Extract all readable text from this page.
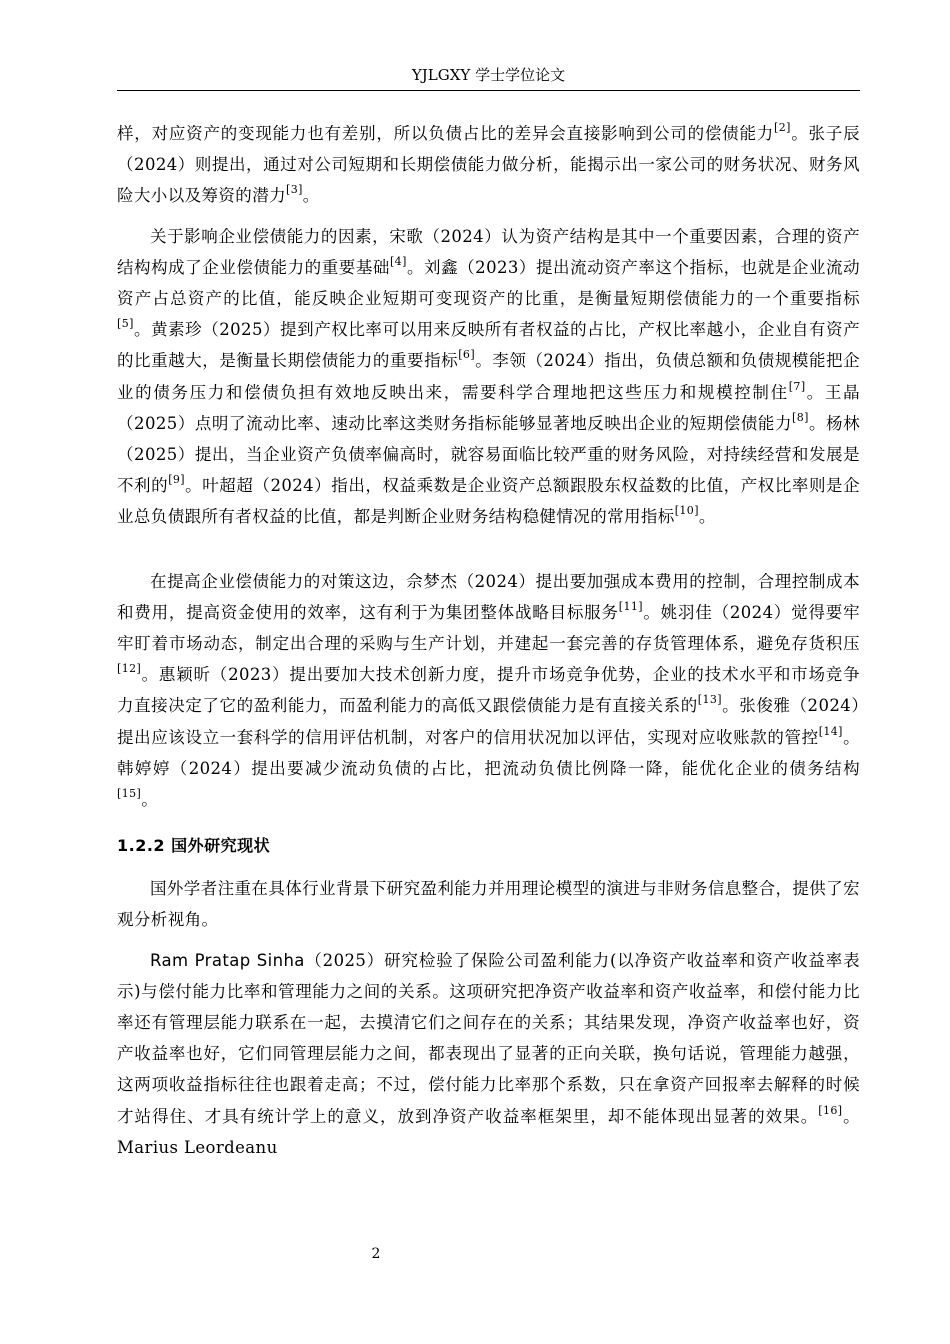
YJLGXY 学士学位论文

样，对应资产的变现能力也有差别，所以负债占比的差异会直接影响到公司的偿债能力[2]。张子辰（2024）则提出，通过对公司短期和长期偿债能力做分析，能揭示出一家公司的财务状况、财务风险大小以及筹资的潜力[3]。

关于影响企业偿债能力的因素，宋歌（2024）认为资产结构是其中一个重要因素，合理的资产结构构成了企业偿债能力的重要基础[4]。刘鑫（2023）提出流动资产率这个指标，也就是企业流动资产占总资产的比值，能反映企业短期可变现资产的比重，是衡量短期偿债能力的一个重要指标[5]。黄素珍（2025）提到产权比率可以用来反映所有者权益的占比，产权比率越小，企业自有资产的比重越大，是衡量长期偿债能力的重要指标[6]。李领（2024）指出，负债总额和负债规模能把企业的债务压力和偿债负担有效地反映出来，需要科学合理地把这些压力和规模控制住[7]。王晶（2025）点明了流动比率、速动比率这类财务指标能够显著地反映出企业的短期偿债能力[8]。杨林（2025）提出，当企业资产负债率偏高时，就容易面临比较严重的财务风险，对持续经营和发展是不利的[9]。叶超超（2024）指出，权益乘数是企业资产总额跟股东权益数的比值，产权比率则是企业总负债跟所有者权益的比值，都是判断企业财务结构稳健情况的常用指标[10]。

在提高企业偿债能力的对策这边，佘梦杰（2024）提出要加强成本费用的控制，合理控制成本和费用，提高资金使用的效率，这有利于为集团整体战略目标服务[11]。姚羽佳（2024）觉得要牢牢盯着市场动态，制定出合理的采购与生产计划，并建起一套完善的存货管理体系，避免存货积压[12]。惠颖昕（2023）提出要加大技术创新力度，提升市场竞争优势，企业的技术水平和市场竞争力直接决定了它的盈利能力，而盈利能力的高低又跟偿债能力是有直接关系的[13]。张俊雅（2024）提出应该设立一套科学的信用评估机制，对客户的信用状况加以评估，实现对应收账款的管控[14]。韩婷婷（2024）提出要减少流动负债的占比，把流动负债比例降一降，能优化企业的债务结构[15]。

1.2.2 国外研究现状

国外学者注重在具体行业背景下研究盈利能力并用理论模型的演进与非财务信息整合，提供了宏观分析视角。

Ram Pratap Sinha（2025）研究检验了保险公司盈利能力(以净资产收益率和资产收益率表示)与偿付能力比率和管理能力之间的关系。这项研究把净资产收益率和资产收益率，和偿付能力比率还有管理层能力联系在一起，去摸清它们之间存在的关系；其结果发现，净资产收益率也好，资产收益率也好，它们同管理层能力之间，都表现出了显著的正向关联，换句话说，管理能力越强，这两项收益指标往往也跟着走高；不过，偿付能力比率那个系数，只在拿资产回报率去解释的时候才站得住、才具有统计学上的意义，放到净资产收益率框架里，却不能体现出显著的效果。[16]。Marius Leordeanu

2
